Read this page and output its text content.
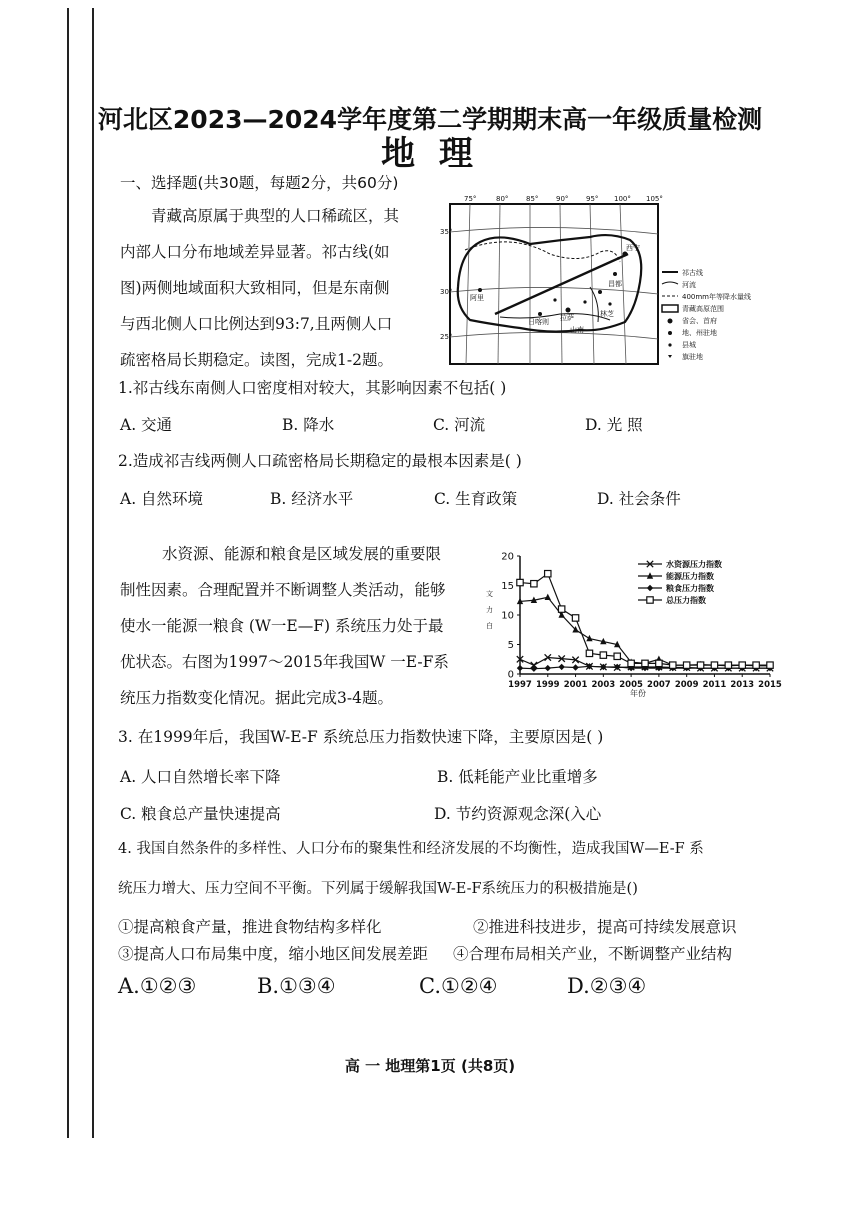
河北区2023—2024学年度第二学期期末高一年级质量检测
地 理
一、选择题(共30题，每题2分，共60分)
青藏高原属于典型的人口稀疏区，其
内部人口分布地域差异显著。祁古线(如
图)两侧地域面积大致相同，但是东南侧
与西北侧人口比例达到93:7,且两侧人口
疏密格局长期稳定。读图，完成1-2题。
75°	80°	85°	90°	95° 100° 105°
35°
30°
25°
西宁
拉萨
阿里
日喀则
山南
林芝
昌都
祁古线
河流
400mm年等降水量线
青藏高原范围
省会、首府
地、州驻地
县城
旗驻地
1.祁古线东南侧人口密度相对较大，其影响因素不包括( )
A. 交通	B. 降水	C. 河流	D. 光 照
2.造成祁吉线两侧人口疏密格局长期稳定的最根本因素是( )
A. 自然环境	B. 经济水平	C. 生育政策	D. 社会条件
水资源、能源和粮食是区域发展的重要限
制性因素。合理配置并不断调整人类活动，能够
使水一能源一粮食 (W一E—F) 系统压力处于最
优状态。右图为1997～2015年我国W 一E-F系
统压力指数变化情况。据此完成3-4题。
0
5
10
15
20
1997 1999 2001 2003 2005 2007 2009 2011 2013 2015
年份
文
力
白
水资源压力指数
能源压力指数
粮食压力指数
总压力指数
3. 在1999年后，我国W-E-F 系统总压力指数快速下降，主要原因是( )
A. 人口自然增长率下降	B. 低耗能产业比重增多
C. 粮食总产量快速提高	D. 节约资源观念深(入心
4. 我国自然条件的多样性、人口分布的聚集性和经济发展的不均衡性，造成我国W—E-F 系
统压力增大、压力空间不平衡。下列属于缓解我国W-E-F系统压力的积极措施是()
①提高粮食产量，推进食物结构多样化	②推进科技进步，提高可持续发展意识
③提高人口布局集中度，缩小地区间发展差距 ④合理布局相关产业，不断调整产业结构
A.①②③	B.①③④	C.①②④	D.②③④
高 一 地理第1页 (共8页)
